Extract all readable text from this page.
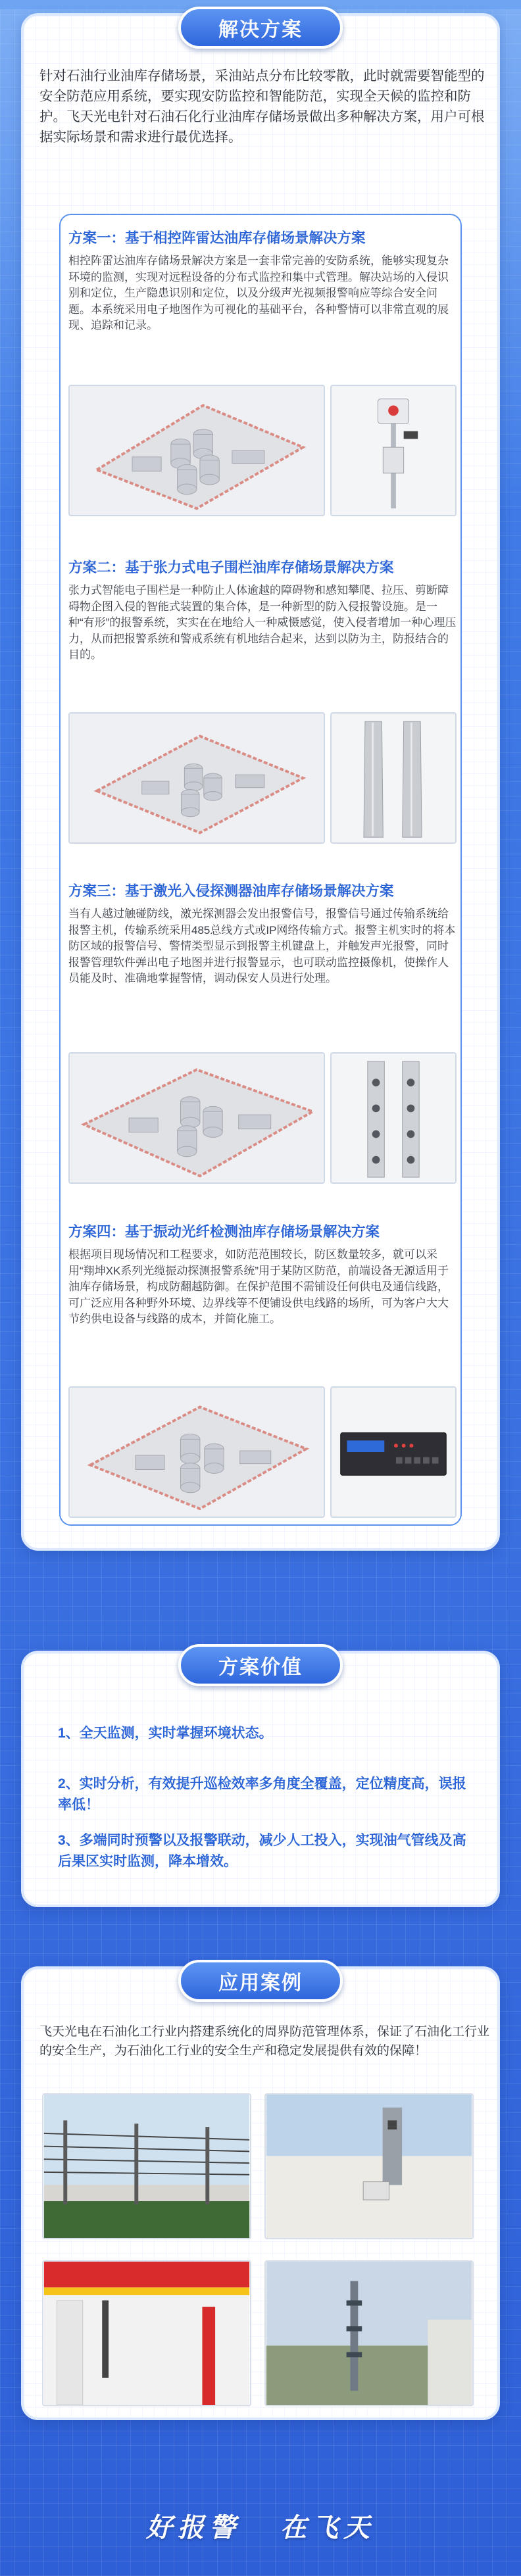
解决方案

针对石油行业油库存储场景，采油站点分布比较零散，此时就需要智能型的安全防范应用系统，要实现安防监控和智能防范，实现全天候的监控和防护。飞天光电针对石油石化行业油库存储场景做出多种解决方案，用户可根据实际场景和需求进行最优选择。

方案一：基于相控阵雷达油库存储场景解决方案
相控阵雷达油库存储场景解决方案是一套非常完善的安防系统，能够实现复杂环境的监测，实现对远程设备的分布式监控和集中式管理。解决站场的入侵识别和定位，生产隐患识别和定位，以及分级声光视频报警响应等综合安全问题。本系统采用电子地图作为可视化的基础平台，各种警情可以非常直观的展现、追踪和记录。
方案二：基于张力式电子围栏油库存储场景解决方案
张力式智能电子围栏是一种防止人体逾越的障碍物和感知攀爬、拉压、剪断障碍物企图入侵的智能式装置的集合体，是一种新型的防入侵报警设施。是一种“有形”的报警系统，实实在在地给人一种威慑感觉，使入侵者增加一种心理压力，从而把报警系统和警戒系统有机地结合起来，达到以防为主，防报结合的目的。
方案三：基于激光入侵探测器油库存储场景解决方案
当有人越过触碰防线，激光探测器会发出报警信号，报警信号通过传输系统给报警主机，传输系统采用485总线方式或IP网络传输方式。报警主机实时的将本防区域的报警信号、警情类型显示到报警主机键盘上，并触发声光报警，同时报警管理软件弹出电子地图并进行报警显示，也可联动监控摄像机，使操作人员能及时、准确地掌握警情，调动保安人员进行处理。
方案四：基于振动光纤检测油库存储场景解决方案
根据项目现场情况和工程要求，如防范范围较长，防区数量较多，就可以采用“翔坤XK系列光缆振动探测报警系统”用于某防区防范，前端设备无源适用于油库存储场景，构成防翻越防御。在保护范围不需铺设任何供电及通信线路，可广泛应用各种野外环境、边界线等不便铺设供电线路的场所，可为客户大大节约供电设备与线路的成本，并简化施工。
方案价值
1、全天监测，实时掌握环境状态。
2、实时分析，有效提升巡检效率多角度全覆盖，定位精度高，误报率低！
3、多端同时预警以及报警联动，减少人工投入，实现油气管线及高后果区实时监测，降本增效。
应用案例

飞天光电在石油化工行业内搭建系统化的周界防范管理体系，保证了石油化工行业的安全生产，为石油化工行业的安全生产和稳定发展提供有效的保障！

好报警 在飞天
